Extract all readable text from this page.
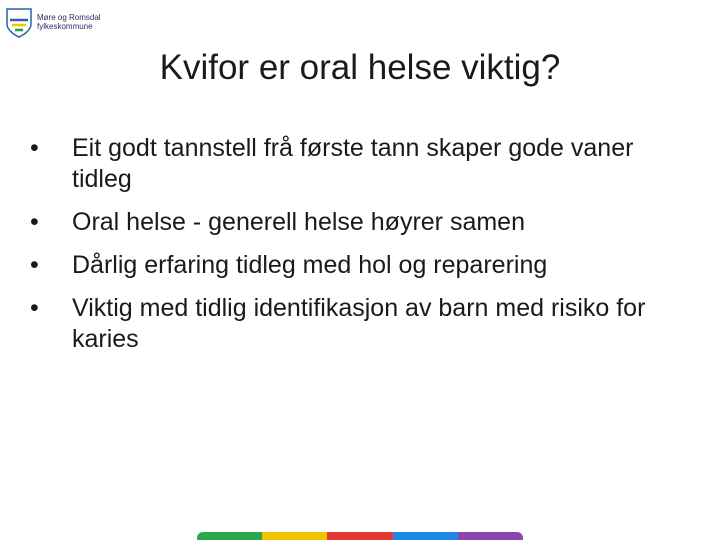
Møre og Romsdal
fylkeskommune
Kvifor er oral helse viktig?
• Eit godt tannstell frå første tann skaper gode vaner tidleg
• Oral helse - generell helse høyrer samen
• Dårlig erfaring tidleg med hol og reparering
• Viktig med tidlig identifikasjon av barn med risiko for karies
